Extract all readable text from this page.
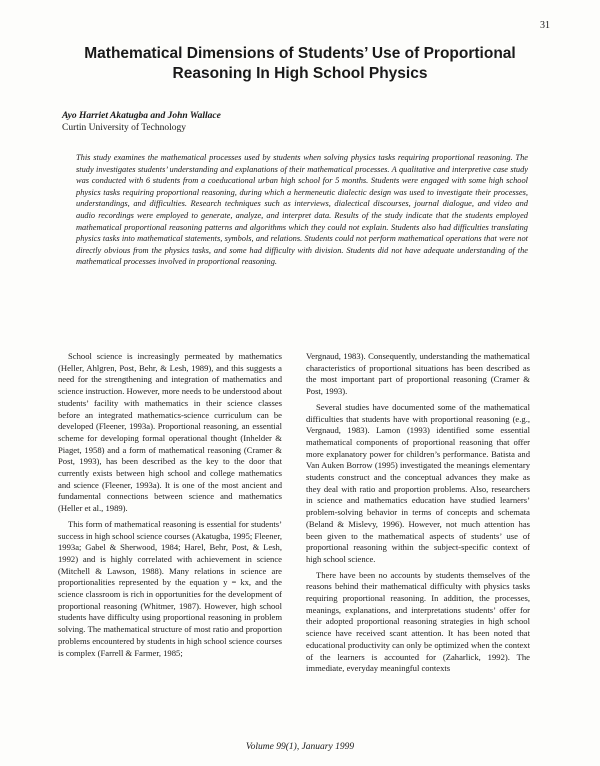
31
Mathematical Dimensions of Students’ Use of Proportional
Reasoning In High School Physics
Ayo Harriet Akatugba and John Wallace
Curtin University of Technology

This study examines the mathematical processes used by students when solving physics tasks requiring proportional reasoning. The study investigates students’ understanding and explanations of their mathematical processes. A qualitative and interpretive case study was conducted with 6 students from a coeducational urban high school for 5 months. Students were engaged with some high school physics tasks requiring proportional reasoning, during which a hermeneutic dialectic design was used to investigate their processes, understandings, and difficulties. Research techniques such as interviews, dialectical discourses, journal dialogue, and video and audio recordings were employed to generate, analyze, and interpret data. Results of the study indicate that the students employed mathematical proportional reasoning patterns and algorithms which they could not explain. Students also had difficulties translating physics tasks into mathematical statements, symbols, and relations. Students could not perform mathematical operations that were not directly obvious from the physics tasks, and some had difficulty with division. Students did not have adequate understanding of the mathematical processes involved in proportional reasoning.

School science is increasingly permeated by mathematics (Heller, Ahlgren, Post, Behr, & Lesh, 1989), and this suggests a need for the strengthening and integration of mathematics and science instruction. However, more needs to be understood about students’ facility with mathematics in their science classes before an integrated mathematics-science curriculum can be developed (Fleener, 1993a). Proportional reasoning, an essential scheme for developing formal operational thought (Inhelder & Piaget, 1958) and a form of mathematical reasoning (Cramer & Post, 1993), has been described as the key to the door that currently exists between high school and college mathematics and science (Fleener, 1993a). It is one of the most ancient and fundamental connections between science and mathematics (Heller et al., 1989).

This form of mathematical reasoning is essential for students’ success in high school science courses (Akatugba, 1995; Fleener, 1993a; Gabel & Sherwood, 1984; Harel, Behr, Post, & Lesh, 1992) and is highly correlated with achievement in science (Mitchell & Lawson, 1988). Many relations in science are proportionalities represented by the equation y = kx, and the science classroom is rich in opportunities for the development of proportional reasoning (Whitmer, 1987). However, high school students have difficulty using proportional reasoning in problem solving. The mathematical structure of most ratio and proportion problems encountered by students in high school science courses is complex (Farrell & Farmer, 1985;

Vergnaud, 1983). Consequently, understanding the mathematical characteristics of proportional situations has been described as the most important part of proportional reasoning (Cramer & Post, 1993).

Several studies have documented some of the mathematical difficulties that students have with proportional reasoning (e.g., Vergnaud, 1983). Lamon (1993) identified some essential mathematical components of proportional reasoning that offer more explanatory power for children’s performance. Batista and Van Auken Borrow (1995) investigated the meanings elementary students construct and the conceptual advances they make as they deal with ratio and proportion problems. Also, researchers in science and mathematics education have studied learners’ problem-solving behavior in terms of concepts and schemata (Beland & Mislevy, 1996). However, not much attention has been given to the mathematical aspects of students’ use of proportional reasoning within the subject-specific context of high school science.

There have been no accounts by students themselves of the reasons behind their mathematical difficulty with physics tasks requiring proportional reasoning. In addition, the processes, meanings, explanations, and interpretations students’ offer for their adopted proportional reasoning strategies in high school science have received scant attention. It has been noted that educational productivity can only be optimized when the context of the learners is accounted for (Zaharlick, 1992). The immediate, everyday meaningful contexts

Volume 99(1), January 1999
